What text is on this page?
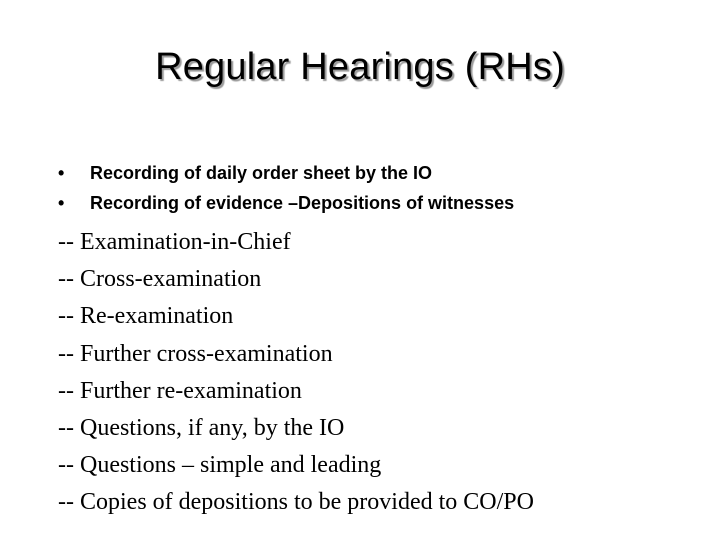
Regular Hearings (RHs)
• Recording of daily order sheet by the IO
• Recording of evidence –Depositions of witnesses
-- Examination-in-Chief
-- Cross-examination
-- Re-examination
-- Further cross-examination
-- Further re-examination
-- Questions, if any, by the IO
-- Questions – simple and leading
-- Copies of depositions to be provided to CO/PO
